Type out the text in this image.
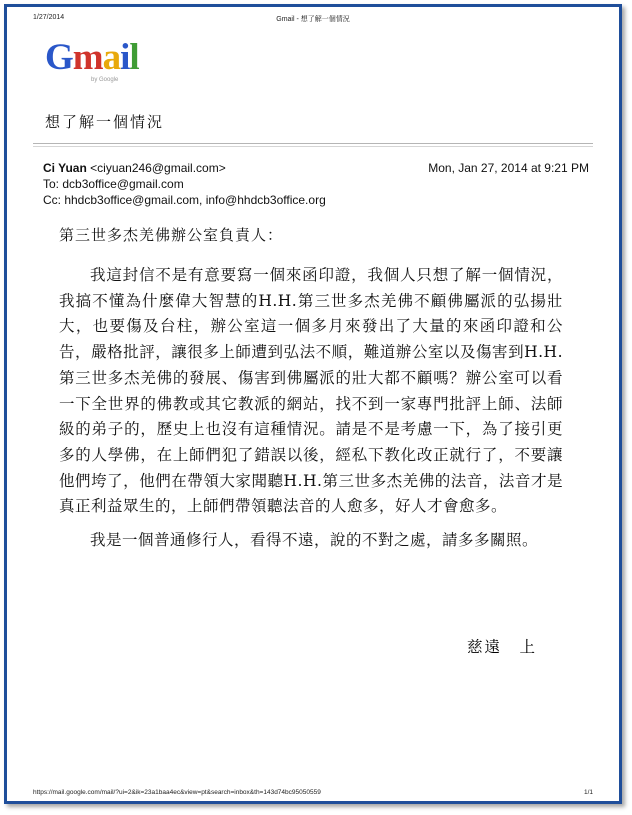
1/27/2014	Gmail - 想了解一個情況
G m a i l
by Google
想了解一個情況
Ci Yuan <ciyuan246@gmail.com>	Mon, Jan 27, 2014 at 9:21 PM
To: dcb3office@gmail.com
Cc: hhdcb3office@gmail.com, info@hhdcb3office.org

第三世多杰羌佛辦公室負責人：

我這封信不是有意要寫一個來函印證，我個人只想了解一個情況，我搞不懂為什麼偉大智慧的H.H.第三世多杰羌佛不顧佛屬派的弘揚壯大，也要傷及台柱，辦公室這一個多月來發出了大量的來函印證和公告，嚴格批評，讓很多上師遭到弘法不順，難道辦公室以及傷害到H.H.第三世多杰羌佛的發展、傷害到佛屬派的壯大都不顧嗎？辦公室可以看一下全世界的佛教或其它教派的網站，找不到一家專門批評上師、法師級的弟子的，歷史上也沒有這種情況。請是不是考慮一下，為了接引更多的人學佛，在上師們犯了錯誤以後，經私下教化改正就行了，不要讓他們垮了，他們在帶領大家聞聽H.H.第三世多杰羌佛的法音，法音才是真正利益眾生的，上師們帶領聽法音的人愈多，好人才會愈多。

我是一個普通修行人，看得不遠，說的不對之處，請多多關照。

慈遠　上
https://mail.google.com/mail/?ui=2&ik=23a1baa4ec&view=pt&search=inbox&th=143d74bc95050559	1/1
